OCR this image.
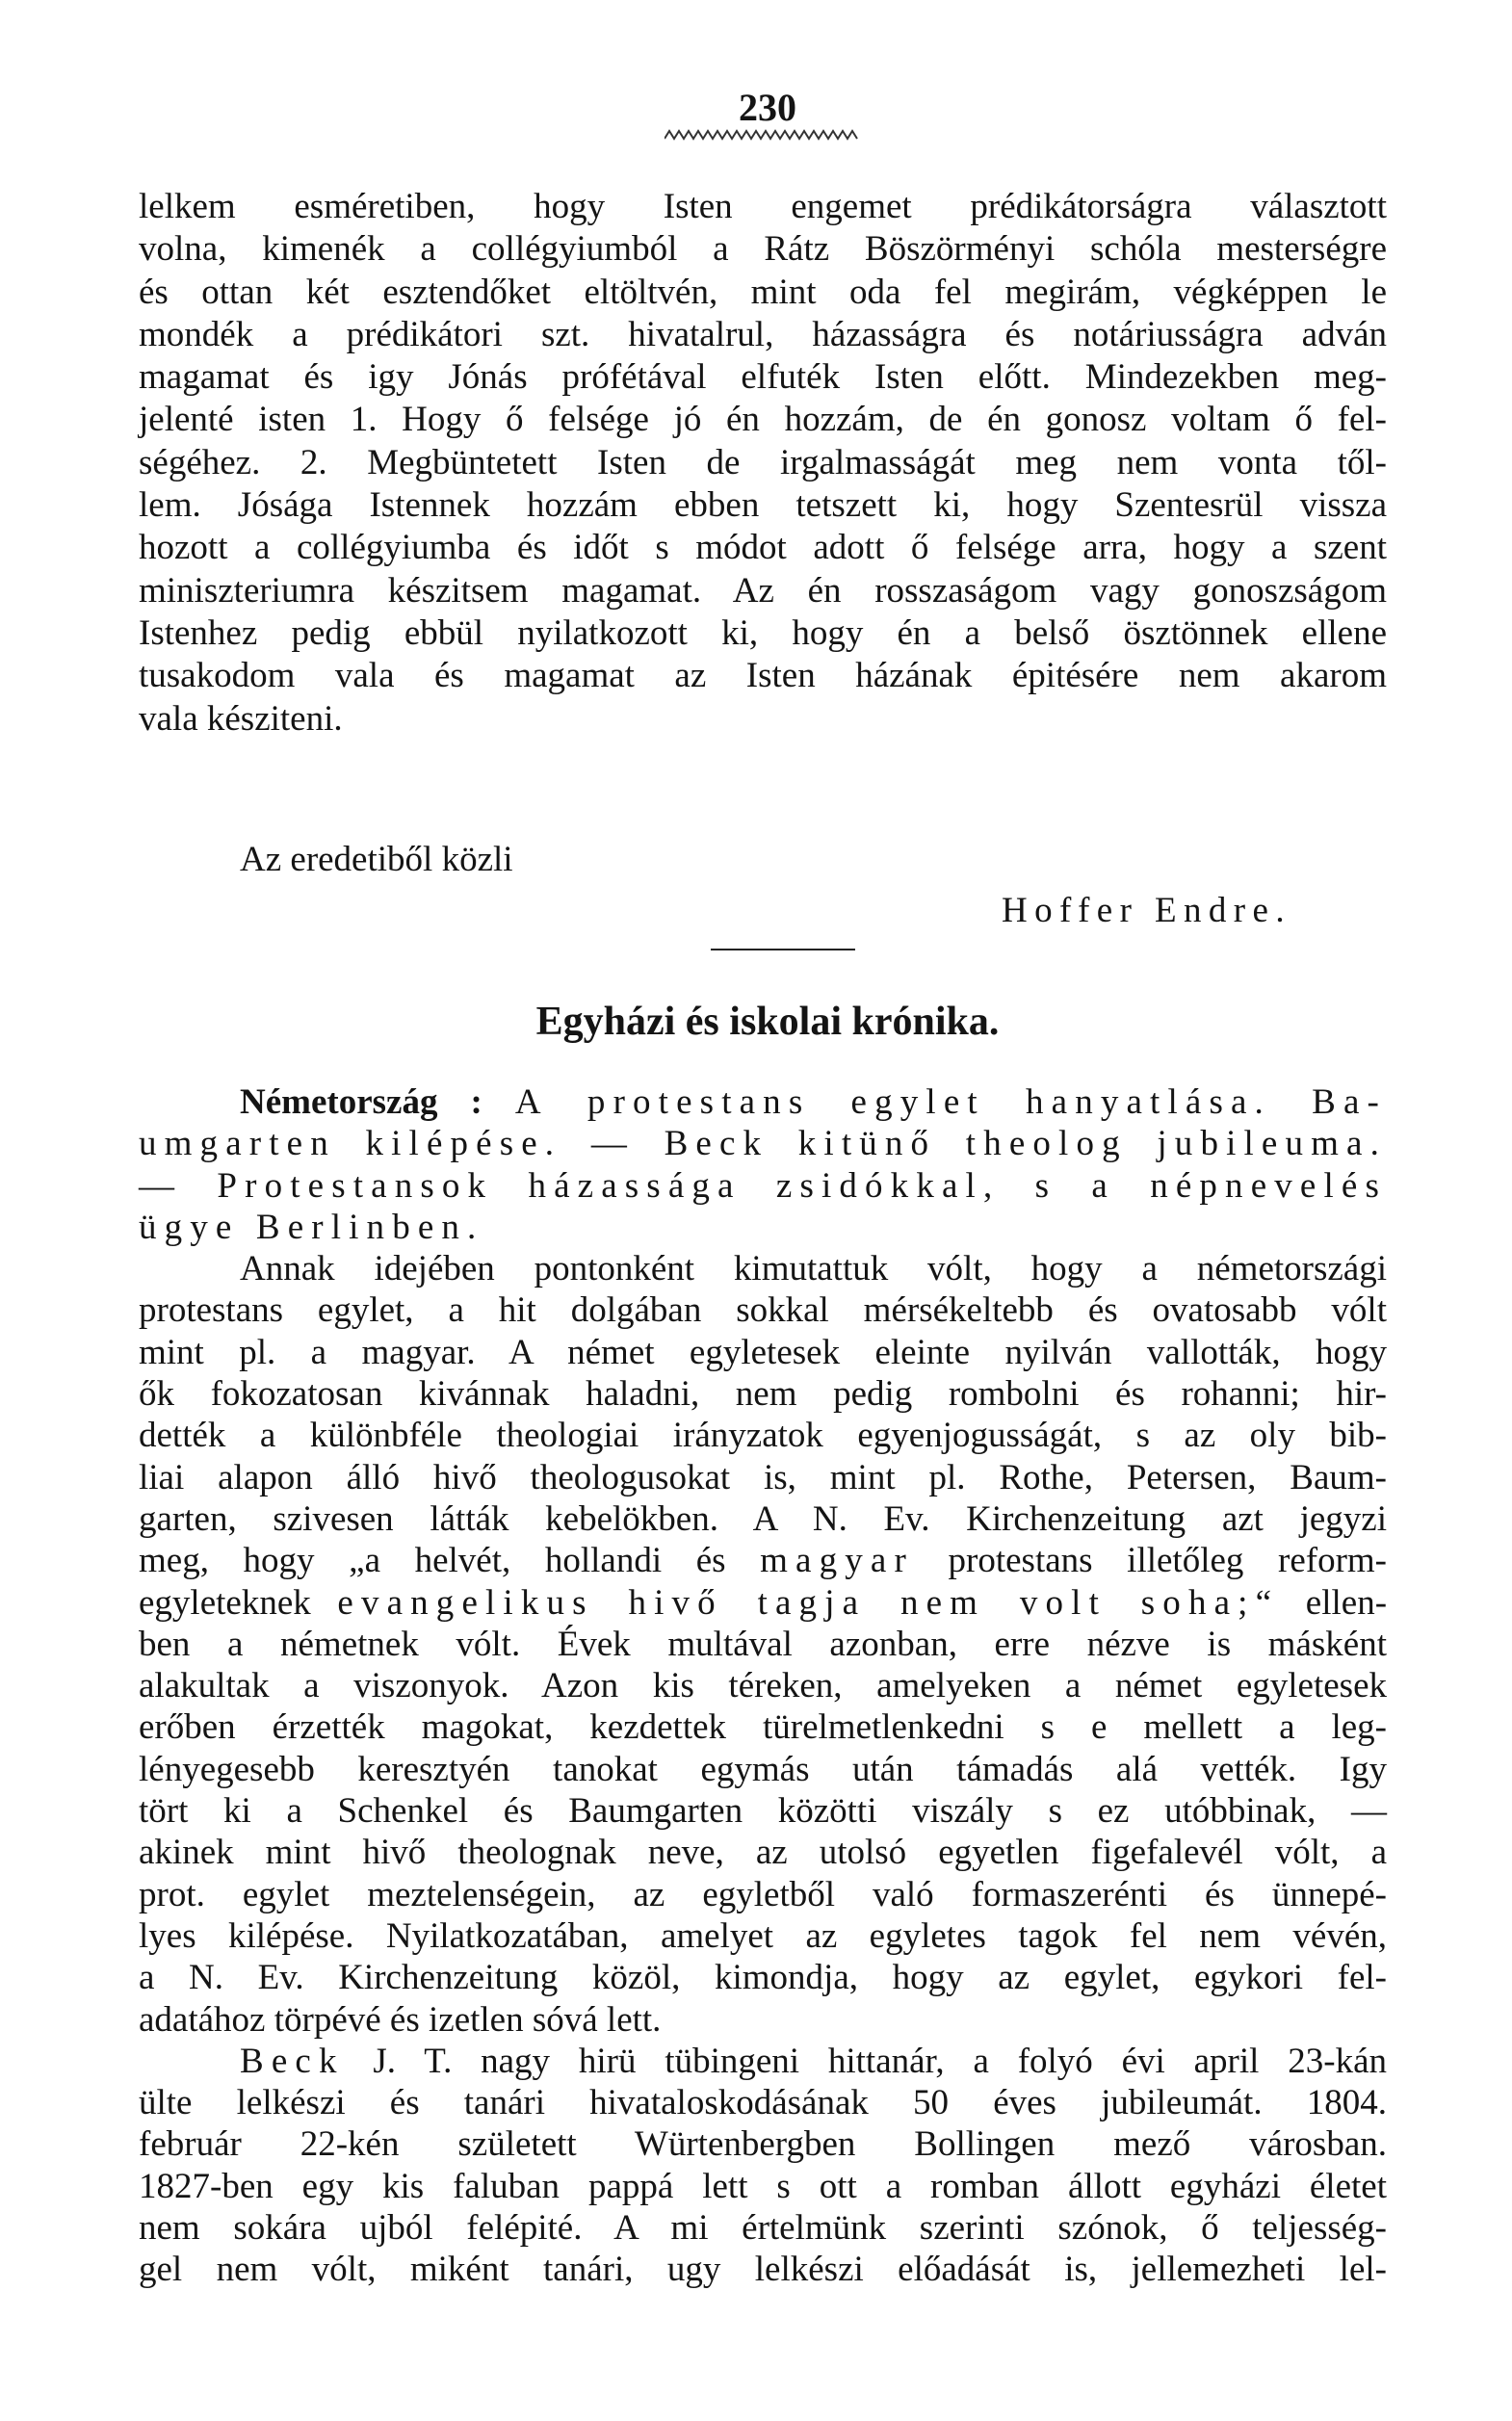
230
lelkem esméretiben, hogy Isten engemet prédikátorságra választott
volna, kimenék a collégyiumból a Rátz Böszörményi schóla mesterségre
és ottan két esztendőket eltöltvén, mint oda fel megirám, végképpen le
mondék a prédikátori szt. hivatalrul, házasságra és notáriusságra adván
magamat és igy Jónás prófétával elfuték Isten előtt. Mindezekben meg-
jelenté isten 1. Hogy ő felsége jó én hozzám, de én gonosz voltam ő fel-
ségéhez. 2. Megbüntetett Isten de irgalmasságát meg nem vonta től-
lem. Jósága Istennek hozzám ebben tetszett ki, hogy Szentesrül vissza
hozott a collégyiumba és időt s módot adott ő felsége arra, hogy a szent
miniszteriumra készitsem magamat. Az én rosszaságom vagy gonoszságom
Istenhez pedig ebbül nyilatkozott ki, hogy én a belső ösztönnek ellene
tusakodom vala és magamat az Isten házának épitésére nem akarom
vala késziteni.
Az eredetiből közli
Hoffer Endre.
Egyházi és iskolai krónika.
Németország : A protestans egylet hanyatlása. Ba-
umgarten kilépése. — Beck kitünő theolog jubileuma.
— Protestansok házassága zsidókkal, s a népnevelés
ügye Berlinben.
Annak idejében pontonként kimutattuk vólt, hogy a németországi
protestans egylet, a hit dolgában sokkal mérsékeltebb és ovatosabb vólt
mint pl. a magyar. A német egyletesek eleinte nyilván vallották, hogy
ők fokozatosan kivánnak haladni, nem pedig rombolni és rohanni; hir-
dették a különbféle theologiai irányzatok egyenjogusságát, s az oly bib-
liai alapon álló hivő theologusokat is, mint pl. Rothe, Petersen, Baum-
garten, szivesen látták kebelökben. A N. Ev. Kirchenzeitung azt jegyzi
meg, hogy „a helvét, hollandi és magyar protestans illetőleg reform-
egyleteknek evangelikus hivő tagja nem volt soha;“ ellen-
ben a németnek vólt. Évek multával azonban, erre nézve is másként
alakultak a viszonyok. Azon kis téreken, amelyeken a német egyletesek
erőben érzették magokat, kezdettek türelmetlenkedni s e mellett a leg-
lényegesebb keresztyén tanokat egymás után támadás alá vették. Igy
tört ki a Schenkel és Baumgarten közötti viszály s ez utóbbinak, —
akinek mint hivő theolognak neve, az utolsó egyetlen figefalevél vólt, a
prot. egylet meztelenségein, az egyletből való formaszerénti és ünnepé-
lyes kilépése. Nyilatkozatában, amelyet az egyletes tagok fel nem vévén,
a N. Ev. Kirchenzeitung közöl, kimondja, hogy az egylet, egykori fel-
adatához törpévé és izetlen sóvá lett.
Beck J. T. nagy hirü tübingeni hittanár, a folyó évi april 23-kán
ülte lelkészi és tanári hivataloskodásának 50 éves jubileumát. 1804.
február 22-kén született Würtenbergben Bollingen mező városban.
1827-ben egy kis faluban pappá lett s ott a romban állott egyházi életet
nem sokára ujból felépité. A mi értelmünk szerinti szónok, ő teljesség-
gel nem vólt, miként tanári, ugy lelkészi előadását is, jellemezheti lel-
